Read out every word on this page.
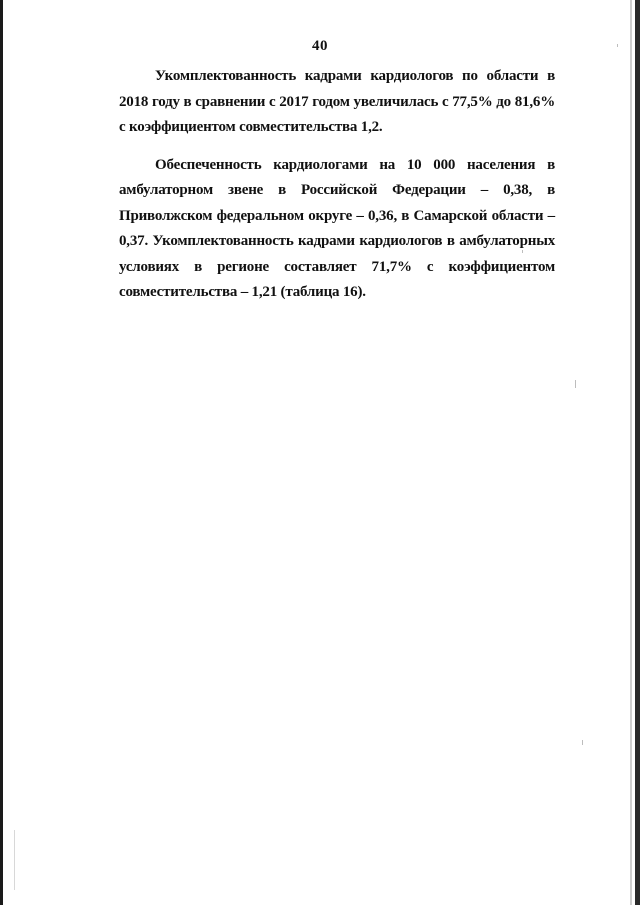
40

Укомплектованность кадрами кардиологов по области в 2018 году в сравнении с 2017 годом увеличилась с 77,5% до 81,6% с коэффициентом совместительства 1,2.

Обеспеченность кардиологами на 10 000 населения в амбулаторном звене в Российской Федерации – 0,38, в Приволжском федеральном округе – 0,36, в Самарской области – 0,37. Укомплектованность кадрами кардиологов в амбулаторных условиях в регионе составляет 71,7% с коэффициентом совместительства – 1,21 (таблица 16).
